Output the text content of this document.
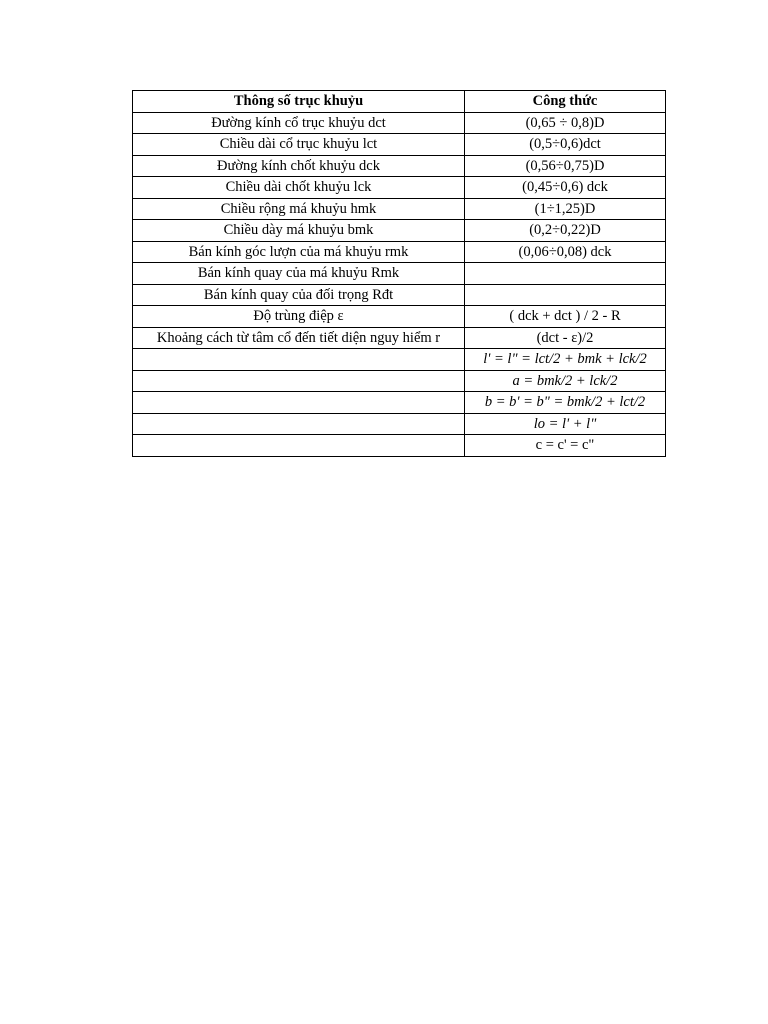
Thông số trục khuỷu	Công thức
Đường kính cổ trục khuỷu dct	(0,65 ÷ 0,8)D
Chiều dài cổ trục khuỷu lct	(0,5÷0,6)dct
Đường kính chốt khuỷu dck	(0,56÷0,75)D
Chiều dài chốt khuỷu lck	(0,45÷0,6) dck
Chiều rộng má khuỷu hmk	(1÷1,25)D
Chiều dày má khuỷu bmk	(0,2÷0,22)D
Bán kính góc lượn của má khuỷu rmk	(0,06÷0,08) dck
Bán kính quay của má khuỷu Rmk	
Bán kính quay của đối trọng Rđt	
Độ trùng điệp ε	( dck + dct ) / 2 - R
Khoảng cách từ tâm cổ đến tiết diện nguy hiểm r	(dct - ε)/2
	l' = l" = lct/2 + bmk + lck/2
	a = bmk/2 + lck/2
	b = b' = b" = bmk/2 + lct/2
	lo = l' + l"
	c = c' = c"
